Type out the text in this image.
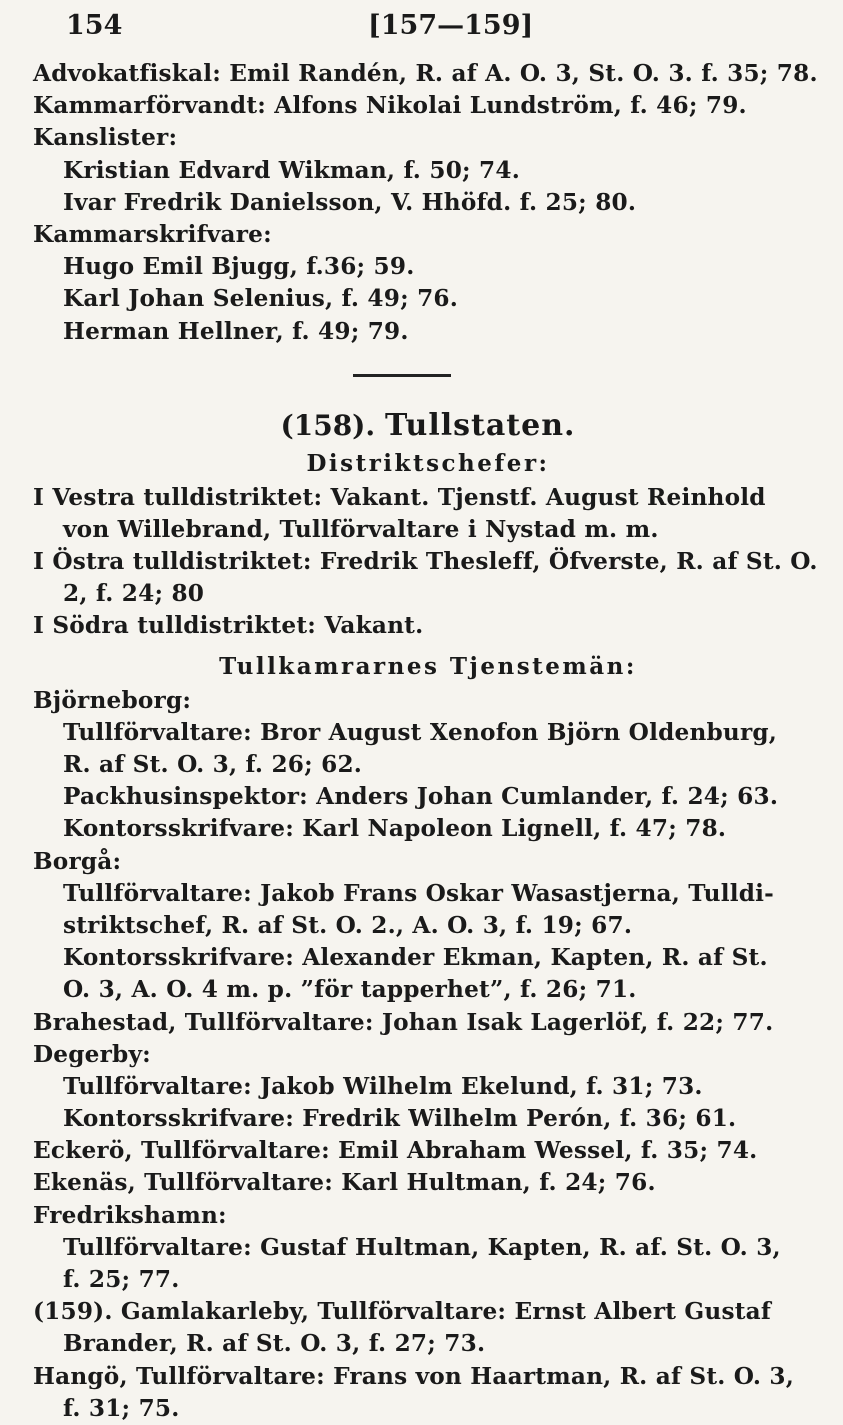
154	[157—159]
Advokatfiskal: Emil Randén, R. af A. O. 3, St. O. 3. f. 35; 78.
Kammarförvandt: Alfons Nikolai Lundström, f. 46; 79.
Kanslister:
Kristian Edvard Wikman, f. 50; 74.
Ivar Fredrik Danielsson, V. Hhöfd. f. 25; 80.
Kammarskrifvare:
Hugo Emil Bjugg, f.36; 59.
Karl Johan Selenius, f. 49; 76.
Herman Hellner, f. 49; 79.
(158). Tullstaten.
Distriktschefer:
I Vestra tulldistriktet: Vakant. Tjenstf. August Reinhold
von Willebrand, Tullförvaltare i Nystad m. m.
I Östra tulldistriktet: Fredrik Thesleff, Öfverste, R. af St. O.
2, f. 24; 80
I Södra tulldistriktet: Vakant.
Tullkamrarnes Tjenstemän:
Björneborg:
Tullförvaltare: Bror August Xenofon Björn Oldenburg,
R. af St. O. 3, f. 26; 62.
Packhusinspektor: Anders Johan Cumlander, f. 24; 63.
Kontorsskrifvare: Karl Napoleon Lignell, f. 47; 78.
Borgå:
Tullförvaltare: Jakob Frans Oskar Wasastjerna, Tulldi-
striktschef, R. af St. O. 2., A. O. 3, f. 19; 67.
Kontorsskrifvare: Alexander Ekman, Kapten, R. af St.
O. 3, A. O. 4 m. p. ”för tapperhet”, f. 26; 71.
Brahestad, Tullförvaltare: Johan Isak Lagerlöf, f. 22; 77.
Degerby:
Tullförvaltare: Jakob Wilhelm Ekelund, f. 31; 73.
Kontorsskrifvare: Fredrik Wilhelm Perón, f. 36; 61.
Eckerö, Tullförvaltare: Emil Abraham Wessel, f. 35; 74.
Ekenäs, Tullförvaltare: Karl Hultman, f. 24; 76.
Fredrikshamn:
Tullförvaltare: Gustaf Hultman, Kapten, R. af. St. O. 3,
f. 25; 77.
(159). Gamlakarleby, Tullförvaltare: Ernst Albert Gustaf
Brander, R. af St. O. 3, f. 27; 73.
Hangö, Tullförvaltare: Frans von Haartman, R. af St. O. 3,
f. 31; 75.
